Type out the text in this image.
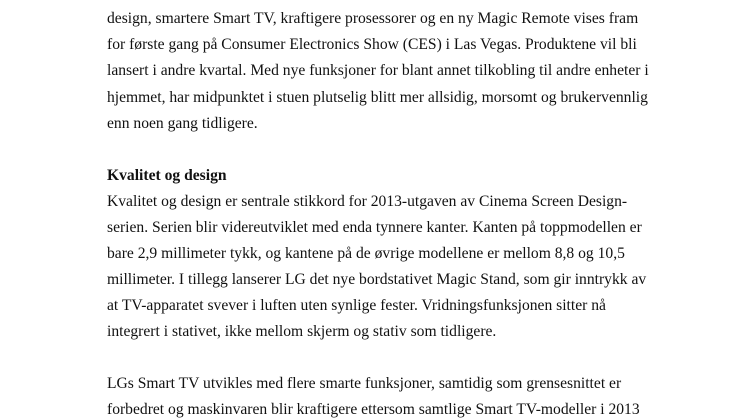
design, smartere Smart TV, kraftigere prosessorer og en ny Magic Remote vises fram
for første gang på Consumer Electronics Show (CES) i Las Vegas. Produktene vil bli
lansert i andre kvartal. Med nye funksjoner for blant annet tilkobling til andre enheter i
hjemmet, har midpunktet i stuen plutselig blitt mer allsidig, morsomt og brukervennlig
enn noen gang tidligere.
Kvalitet og design
Kvalitet og design er sentrale stikkord for 2013-utgaven av Cinema Screen Design-
serien. Serien blir videreutviklet med enda tynnere kanter. Kanten på toppmodellen er
bare 2,9 millimeter tykk, og kantene på de øvrige modellene er mellom 8,8 og 10,5
millimeter. I tillegg lanserer LG det nye bordstativet Magic Stand, som gir inntrykk av
at TV-apparatet svever i luften uten synlige fester. Vridningsfunksjonen sitter nå
integrert i stativet, ikke mellom skjerm og stativ som tidligere.
LGs Smart TV utvikles med flere smarte funksjoner, samtidig som grensesnittet er
forbedret og maskinvaren blir kraftigere ettersom samtlige Smart TV-modeller i 2013
